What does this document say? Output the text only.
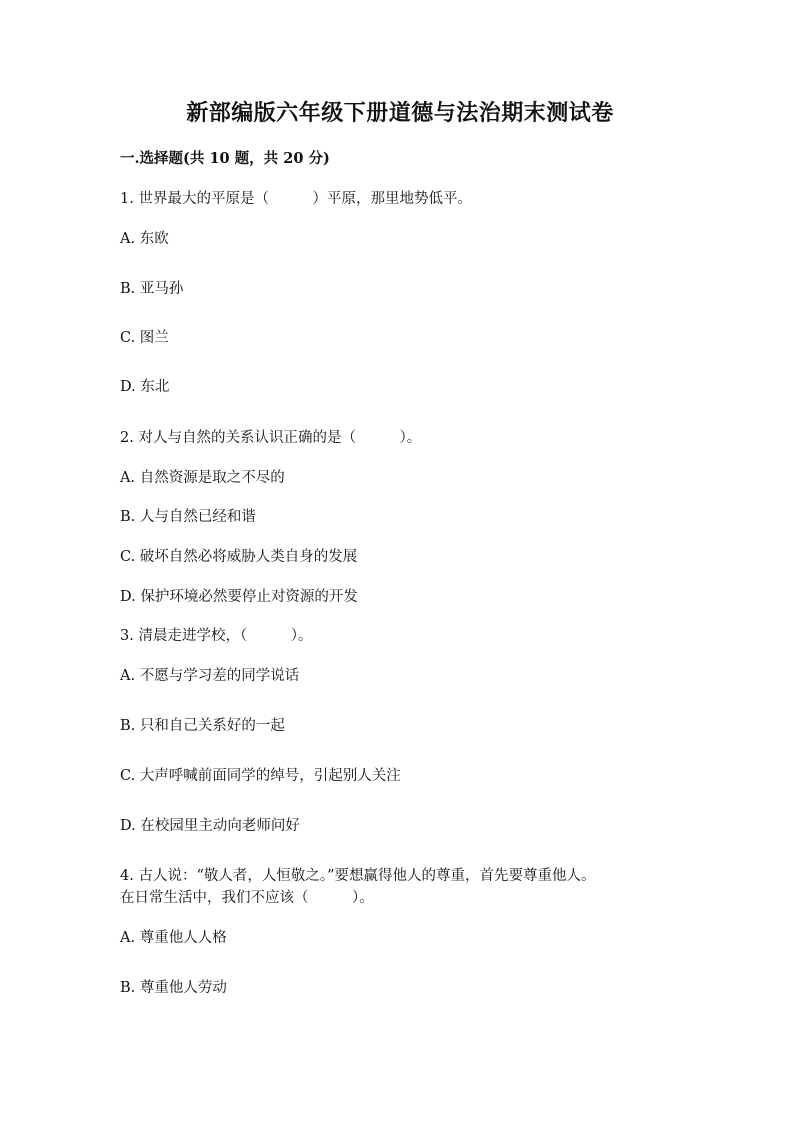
新部编版六年级下册道德与法治期末测试卷
一.选择题(共 10 题，共 20 分)
1. 世界最大的平原是（　　　）平原，那里地势低平。
A. 东欧
B. 亚马孙
C. 图兰
D. 东北
2. 对人与自然的关系认识正确的是（　　　）。
A. 自然资源是取之不尽的
B. 人与自然已经和谐
C. 破坏自然必将威胁人类自身的发展
D. 保护环境必然要停止对资源的开发
3. 清晨走进学校，（　　　）。
A. 不愿与学习差的同学说话
B. 只和自己关系好的一起
C. 大声呼喊前面同学的绰号，引起别人关注
D. 在校园里主动向老师问好
4. 古人说：“敬人者，人恒敬之。”要想赢得他人的尊重，首先要尊重他人。
在日常生活中，我们不应该（　　　）。
A. 尊重他人人格
B. 尊重他人劳动
